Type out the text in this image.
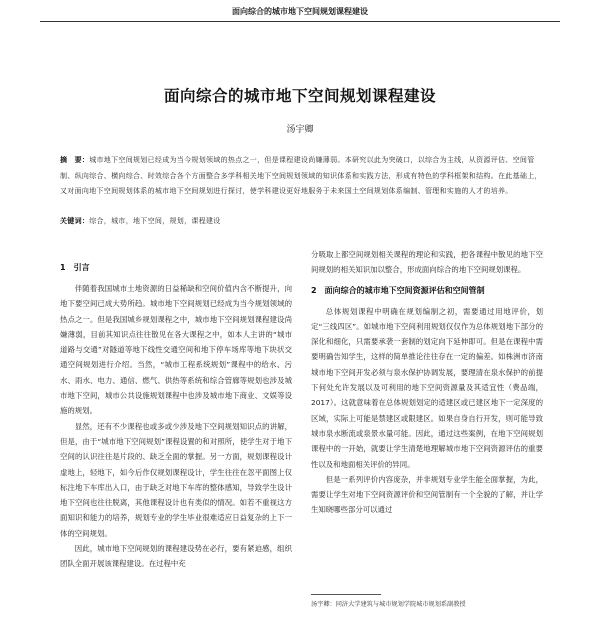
面向综合的城市地下空间规划课程建设
面向综合的城市地下空间规划课程建设
汤宇卿
摘　要：城市地下空间规划已经成为当今规划领域的热点之一，但是课程建设尚嫌薄弱。本研究以此为突破口，以综合为主线，从资源评估、空间管制、纵向综合、横向综合、时效综合各个方面整合多学科相关地下空间规划领域的知识体系和实践方法，形成有特色的学科框架和结构。在此基础上，又对面向地下空间规划体系的城市地下空间规划进行探讨，使学科建设更好地服务于未来国土空间规划体系编制、管理和实施的人才的培养。
关键词：综合，城市，地下空间，规划，课程建设
1　引言

伴随着我国城市土地资源的日益稀缺和空间价值内含不断提升，向地下要空间已成大势所趋。城市地下空间规划已经成为当今规划领域的热点之一。但是我国城乡规划课程之中，城市地下空间规划课程建设尚嫌薄弱，目前其知识点往往散见在各大课程之中，如本人主讲的“城市道路与交通”对隧道等地下线性交通空间和地下停车场库等地下块状交通空间规划进行介绍。当然，“城市工程系统规划”课程中的给水、污水、雨水、电力、通信、燃气、供热等系统和综合管廊等规划也涉及城市地下空间，城市公共设施规划课程中也涉及城市地下商业、文娱等设施的规划。

显然，还有不少课程也或多或少涉及地下空间规划知识点的讲解，但是，由于“城市地下空间规划”课程设置的和对照所，使学生对于地下空间的认识往往是片段的、缺乏全面的掌握。另一方面，规划课程设计虚地上，轻地下，如今后作仅规划课程设计，学生往往在忽平面图上仅标注地下车库出入口，由于缺乏对地下车库的整体感知，导致学生设计地下空间也往往脱离，其他课程设计也有类似的情况。如若不重视这方面知识和能力的培养，规划专业的学生毕业很难适应日益复杂的上下一体的空间规划。

因此，城市地下空间规划的课程建设势在必行，要有紧迫感，组织团队全面开展该课程建设。在过程中充

分吸取上都空间规划相关课程的理论和实践，把各课程中散见的地下空间规划的相关知识加以整合，形成面向综合的地下空间规划课程。

2　面向综合的城市地下空间资源评估和空间管制

总体规划课程中明确在规划编制之初，需要通过用地评价，划定“三线四区”。如城市地下空间利用规划仅仅作为总体规划地下部分的深化和细化，只需要承袭一套制的划定向下延伸即可。但是在课程中需要明确告知学生，这样的简单推论往往存在一定的偏差。如株洲市济南城市地下空间开发必须与泉水保护协调发展，要理清在泉水保护的前提下何处允许发展以及可利用的地下空间资源量及其适宜性（费品端，2017）。这就意味着在总体规划划定的适建区或已建区地下一定深度的区域，实际上可能是禁建区或限建区。如果自身自行开发，则可能导致城市泉水断流或泉景水量可能。因此，通过这些案例，在地下空间规划课程中的一开始，就要让学生清楚地理解城市地下空间资源评估的重要性以及和地面相关评价的异同。

但是一系列评价内容庞杂，并非规划专业学生能全面掌握，为此，需要让学生对地下空间资源评价和空间管制有一个全貌的了解，并让学生知晓哪些部分可以通过

汤宇卿：同济大学建筑与城市规划学院城市规划系副教授
